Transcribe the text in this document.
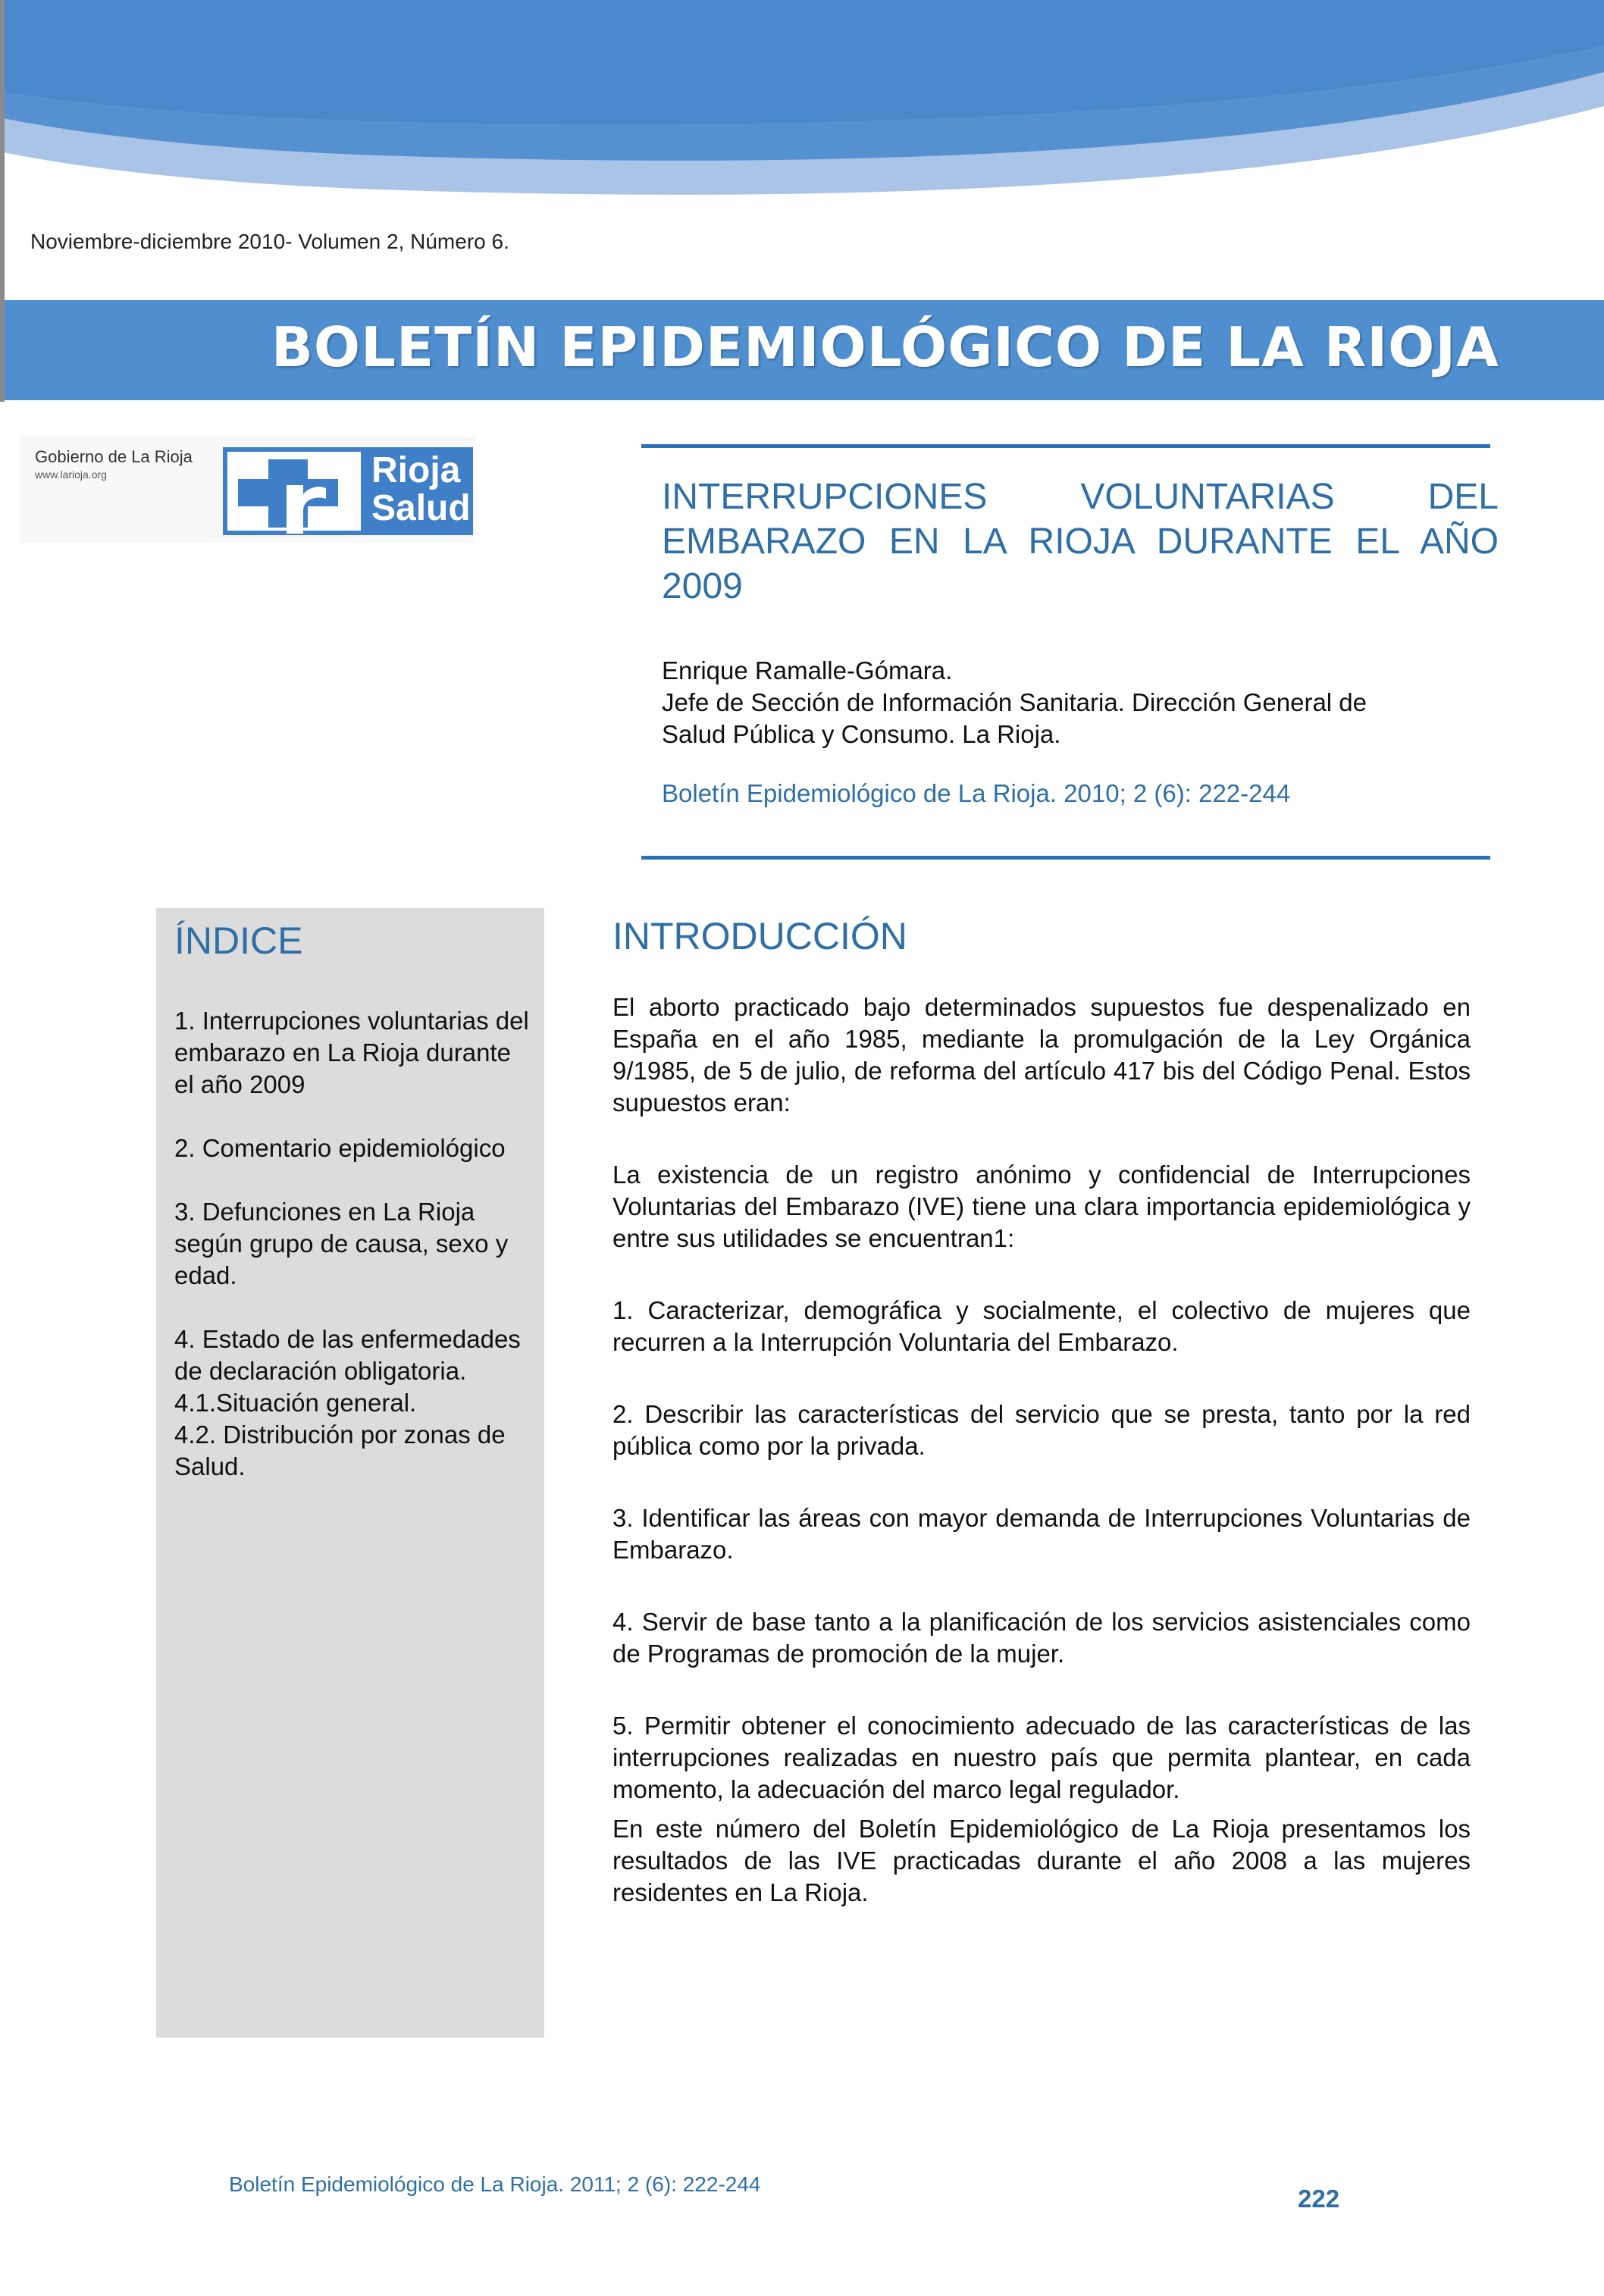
Noviembre-diciembre 2010- Volumen 2, Número 6.
BOLETÍN EPIDEMIOLÓGICO DE LA RIOJA
Gobierno de La Rioja
www.larioja.org	Rioja
Salud	INTERRUPCIONES VOLUNTARIAS DEL EMBARAZO EN LA RIOJA DURANTE EL AÑO 2009
Enrique Ramalle-Gómara.
Jefe de Sección de Información Sanitaria. Dirección General de
Salud Pública y Consumo. La Rioja.
Boletín Epidemiológico de La Rioja. 2010; 2 (6): 222-244
ÍNDICE
1. Interrupciones voluntarias del embarazo en La Rioja durante el año 2009
2. Comentario epidemiológico
3. Defunciones en La Rioja según grupo de causa, sexo y edad.
4. Estado de las enfermedades de declaración obligatoria.
4.1.Situación general.
4.2. Distribución por zonas de Salud.
INTRODUCCIÓN

El aborto practicado bajo determinados supuestos fue despenalizado en España en el año 1985, mediante la promulgación de la Ley Orgánica 9/1985, de 5 de julio, de reforma del artículo 417 bis del Código Penal. Estos supuestos eran:

La existencia de un registro anónimo y confidencial de Interrupciones Voluntarias del Embarazo (IVE) tiene una clara importancia epidemiológica y entre sus utilidades se encuentran1:

1. Caracterizar, demográfica y socialmente, el colectivo de mujeres que recurren a la Interrupción Voluntaria del Embarazo.

2. Describir las características del servicio que se presta, tanto por la red pública como por la privada.

3. Identificar las áreas con mayor demanda de Interrupciones Voluntarias de Embarazo.

4. Servir de base tanto a la planificación de los servicios asistenciales como de Programas de promoción de la mujer.

5. Permitir obtener el conocimiento adecuado de las características de las interrupciones realizadas en nuestro país que permita plantear, en cada momento, la adecuación del marco legal regulador.

En este número del Boletín Epidemiológico de La Rioja presentamos los resultados de las IVE practicadas durante el año 2008 a las mujeres residentes en La Rioja.

Boletín Epidemiológico de La Rioja. 2011; 2 (6): 222-244
222
